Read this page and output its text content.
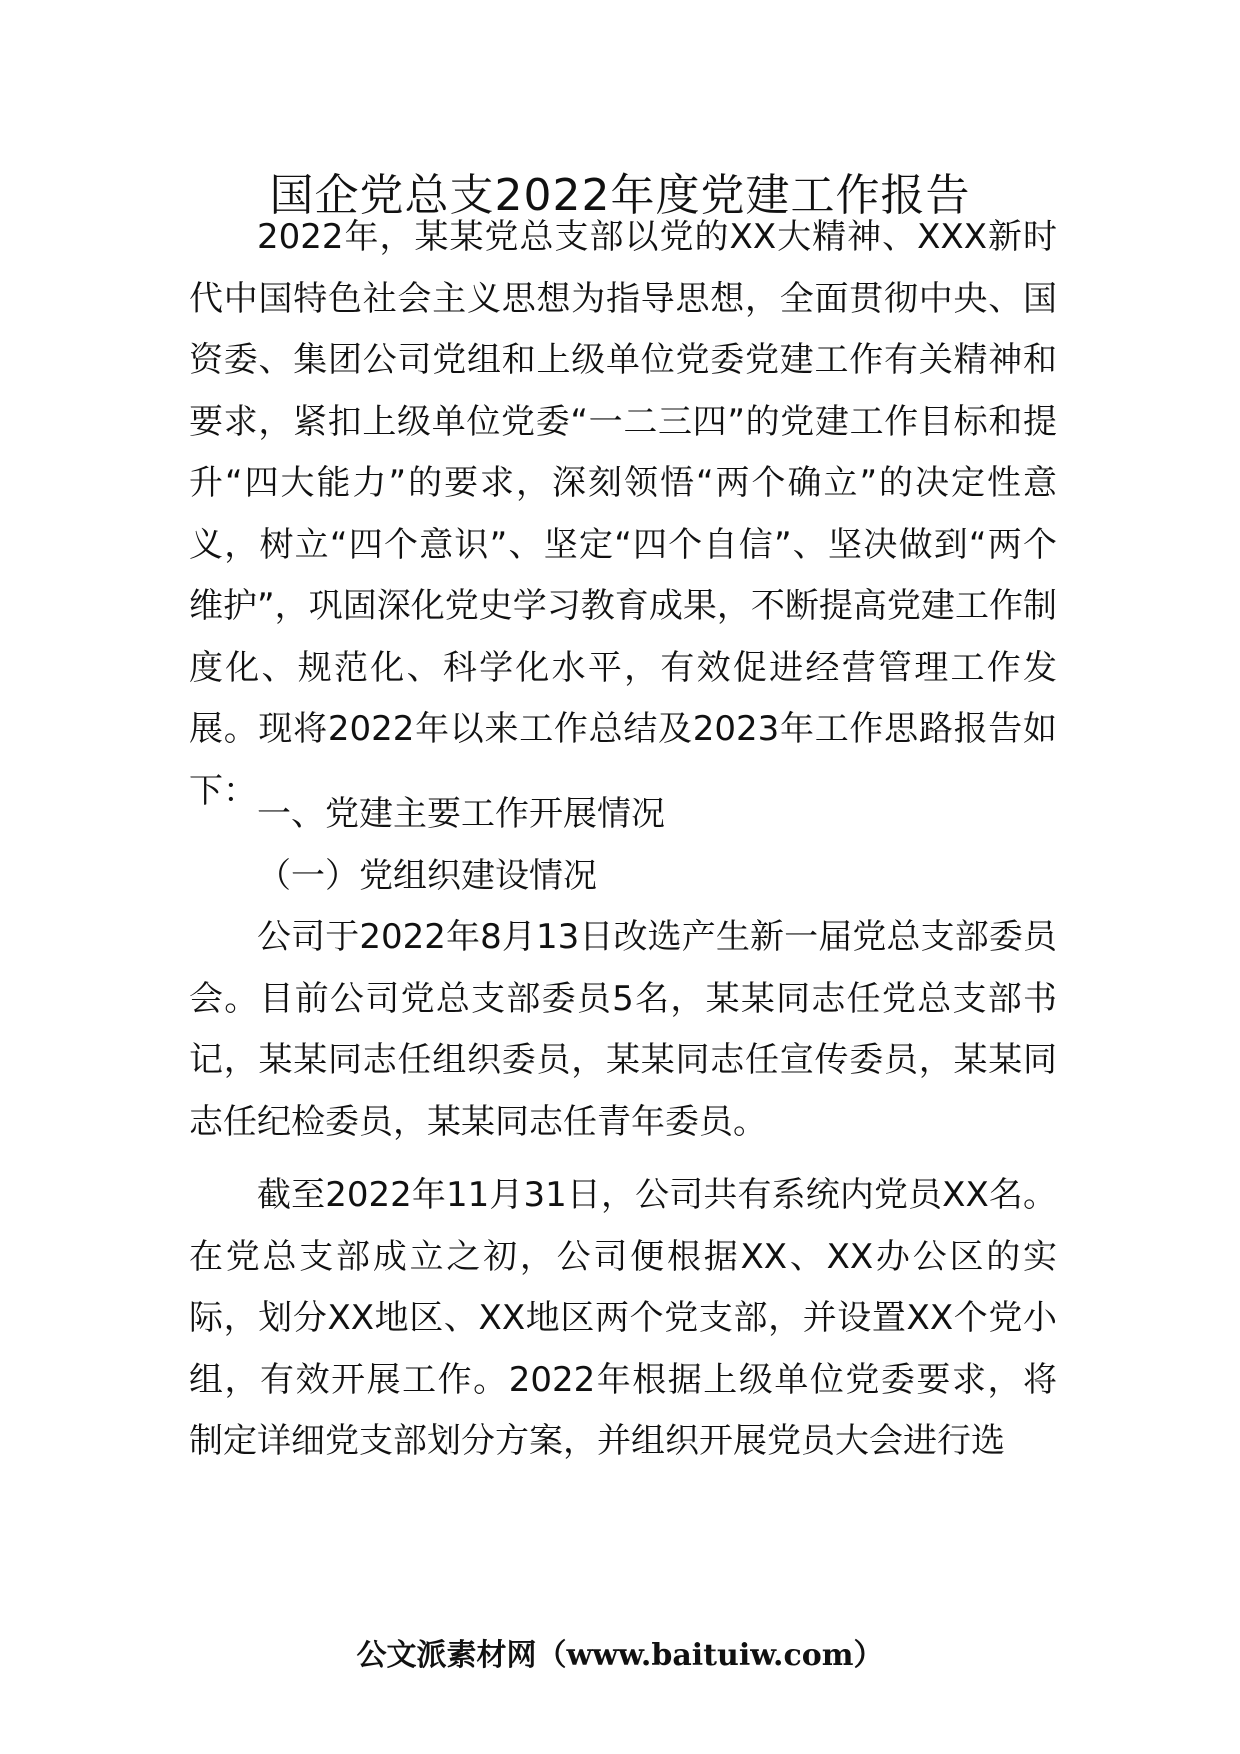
国企党总支2022年度党建工作报告

2022年，某某党总支部以党的XX大精神、XXX新时代中国特色社会主义思想为指导思想，全面贯彻中央、国资委、集团公司党组和上级单位党委党建工作有关精神和要求，紧扣上级单位党委“一二三四”的党建工作目标和提升“四大能力”的要求，深刻领悟“两个确立”的决定性意义，树立“四个意识”、坚定“四个自信”、坚决做到“两个维护”，巩固深化党史学习教育成果，不断提高党建工作制度化、规范化、科学化水平，有效促进经营管理工作发展。现将2022年以来工作总结及2023年工作思路报告如下：

一、党建主要工作开展情况

（一）党组织建设情况

公司于2022年8月13日改选产生新一届党总支部委员会。目前公司党总支部委员5名，某某同志任党总支部书记，某某同志任组织委员，某某同志任宣传委员，某某同志任纪检委员，某某同志任青年委员。

截至2022年11月31日，公司共有系统内党员XX名。在党总支部成立之初，公司便根据XX、XX办公区的实际，划分XX地区、XX地区两个党支部，并设置XX个党小组，有效开展工作。2022年根据上级单位党委要求，将制定详细党支部划分方案，并组织开展党员大会进行选

公文派素材网（www.baituiw.com）
